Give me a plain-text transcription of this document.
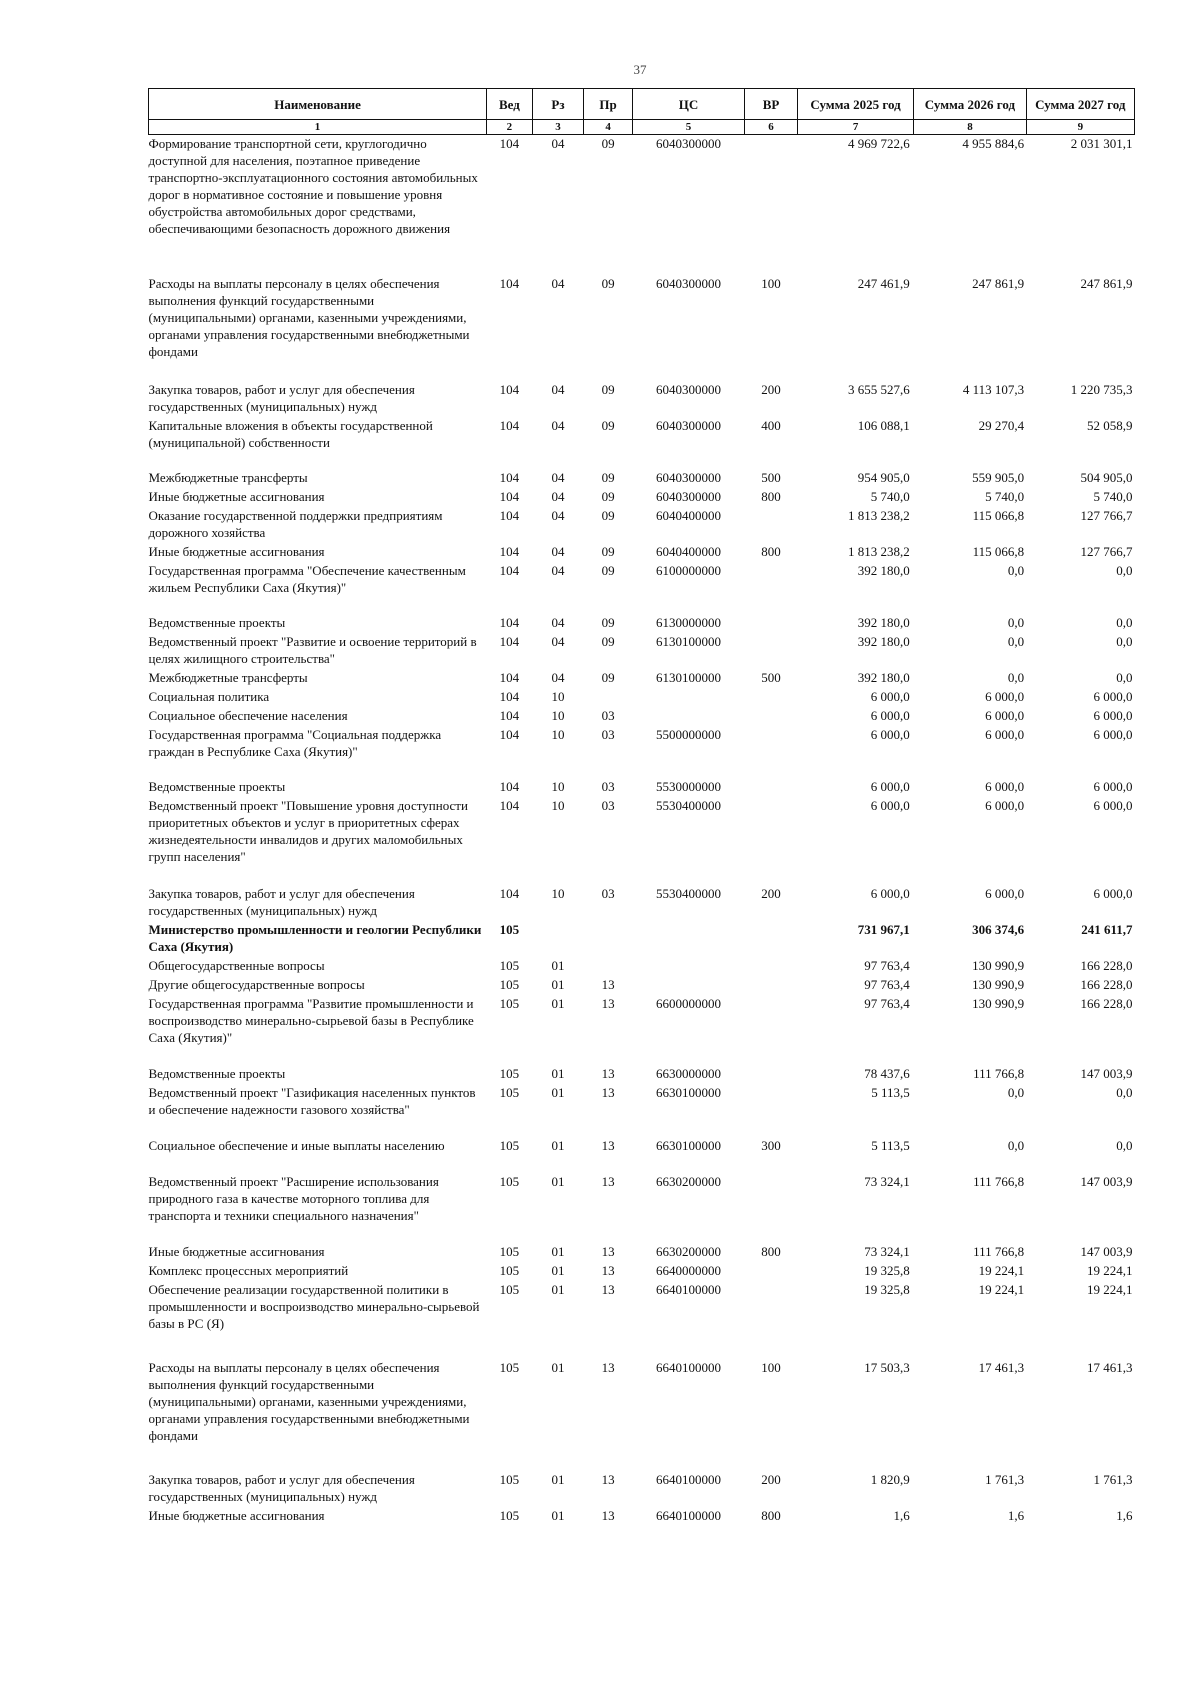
37
Наименование	Вед	Рз	Пр	ЦС	ВР	Сумма 2025 год	Сумма 2026 год	Сумма 2027 год
1	2	3	4	5	6	7	8	9
Формирование транспортной сети, круглогодично доступной для населения, поэтапное приведение транспортно-эксплуатационного состояния автомобильных дорог в нормативное состояние и повышение уровня обустройства автомобильных дорог средствами, обеспечивающими безопасность дорожного движения	104	04	09	6040300000		4 969 722,6	4 955 884,6	2 031 301,1
Расходы на выплаты персоналу в целях обеспечения выполнения функций государственными (муниципальными) органами, казенными учреждениями, органами управления государственными внебюджетными фондами	104	04	09	6040300000	100	247 461,9	247 861,9	247 861,9
Закупка товаров, работ и услуг для обеспечения государственных (муниципальных) нужд	104	04	09	6040300000	200	3 655 527,6	4 113 107,3	1 220 735,3
Капитальные вложения в объекты государственной (муниципальной) собственности	104	04	09	6040300000	400	106 088,1	29 270,4	52 058,9
Межбюджетные трансферты	104	04	09	6040300000	500	954 905,0	559 905,0	504 905,0
Иные бюджетные ассигнования	104	04	09	6040300000	800	5 740,0	5 740,0	5 740,0
Оказание государственной поддержки предприятиям дорожного хозяйства	104	04	09	6040400000		1 813 238,2	115 066,8	127 766,7
Иные бюджетные ассигнования	104	04	09	6040400000	800	1 813 238,2	115 066,8	127 766,7
Государственная программа "Обеспечение качественным жильем Республики Саха (Якутия)"	104	04	09	6100000000		392 180,0	0,0	0,0
Ведомственные проекты	104	04	09	6130000000		392 180,0	0,0	0,0
Ведомственный проект "Развитие и освоение территорий в целях жилищного строительства"	104	04	09	6130100000		392 180,0	0,0	0,0
Межбюджетные трансферты	104	04	09	6130100000	500	392 180,0	0,0	0,0
Социальная политика	104	10				6 000,0	6 000,0	6 000,0
Социальное обеспечение населения	104	10	03			6 000,0	6 000,0	6 000,0
Государственная программа "Социальная поддержка граждан в Республике Саха (Якутия)"	104	10	03	5500000000		6 000,0	6 000,0	6 000,0
Ведомственные проекты	104	10	03	5530000000		6 000,0	6 000,0	6 000,0
Ведомственный проект "Повышение уровня доступности приоритетных объектов и услуг в приоритетных сферах жизнедеятельности инвалидов и других маломобильных групп населения"	104	10	03	5530400000		6 000,0	6 000,0	6 000,0
Закупка товаров, работ и услуг для обеспечения государственных (муниципальных) нужд	104	10	03	5530400000	200	6 000,0	6 000,0	6 000,0
Министерство промышленности и геологии Республики Саха (Якутия)	105					731 967,1	306 374,6	241 611,7
Общегосударственные вопросы	105	01				97 763,4	130 990,9	166 228,0
Другие общегосударственные вопросы	105	01	13			97 763,4	130 990,9	166 228,0
Государственная программа "Развитие промышленности и воспроизводство минерально-сырьевой базы в Республике Саха (Якутия)"	105	01	13	6600000000		97 763,4	130 990,9	166 228,0
Ведомственные проекты	105	01	13	6630000000		78 437,6	111 766,8	147 003,9
Ведомственный проект "Газификация населенных пунктов и обеспечение надежности газового хозяйства"	105	01	13	6630100000		5 113,5	0,0	0,0
Социальное обеспечение и иные выплаты населению	105	01	13	6630100000	300	5 113,5	0,0	0,0
Ведомственный проект "Расширение использования природного газа в качестве моторного топлива для транспорта и техники специального назначения"	105	01	13	6630200000		73 324,1	111 766,8	147 003,9
Иные бюджетные ассигнования	105	01	13	6630200000	800	73 324,1	111 766,8	147 003,9
Комплекс процессных мероприятий	105	01	13	6640000000		19 325,8	19 224,1	19 224,1
Обеспечение реализации государственной политики в промышленности и воспроизводство минерально-сырьевой базы в РС (Я)	105	01	13	6640100000		19 325,8	19 224,1	19 224,1
Расходы на выплаты персоналу в целях обеспечения выполнения функций государственными (муниципальными) органами, казенными учреждениями, органами управления государственными внебюджетными фондами	105	01	13	6640100000	100	17 503,3	17 461,3	17 461,3
Закупка товаров, работ и услуг для обеспечения государственных (муниципальных) нужд	105	01	13	6640100000	200	1 820,9	1 761,3	1 761,3
Иные бюджетные ассигнования	105	01	13	6640100000	800	1,6	1,6	1,6
